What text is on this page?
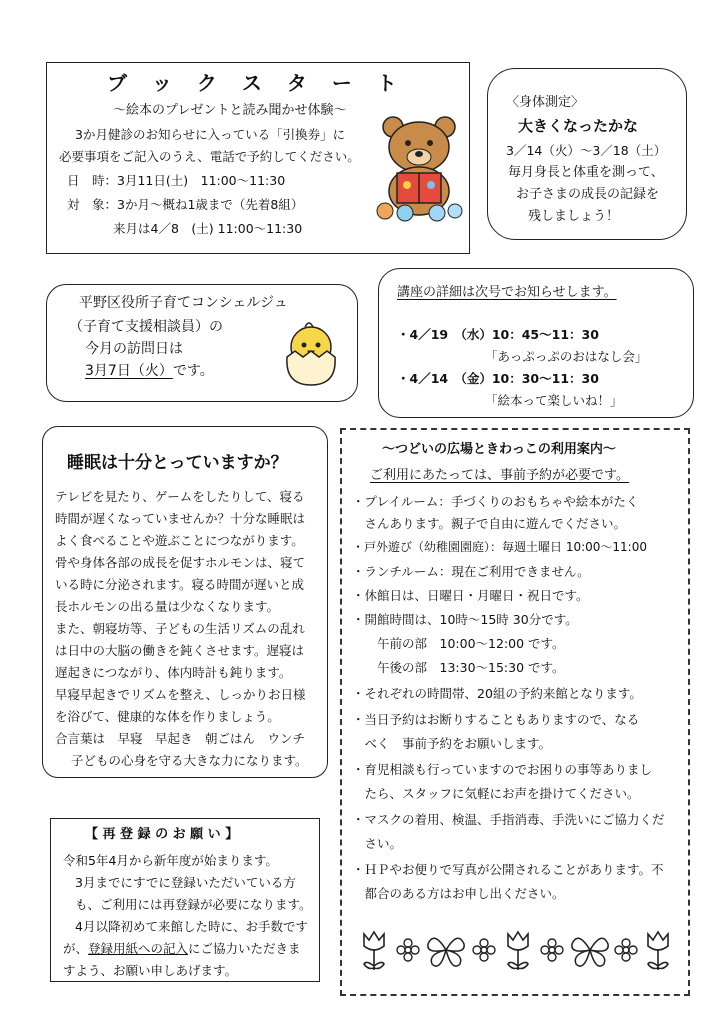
ブ ッ ク ス タ ー ト
～絵本のプレゼントと読み聞かせ体験～
3か月健診のお知らせに入っている「引換券」に
必要事項をご記入のうえ、電話で予約してください。
日　時：3月11日(土)　11:00～11:30
対　象：3か月～概ね1歳まで（先着8組）
来月は4／8　(土) 11:00～11:30
〈身体測定〉
大きくなったかな
3／14（火）～3／18（土）
毎月身長と体重を測って、
お子さまの成長の記録を
残しましょう！
平野区役所子育てコンシェルジュ
（子育て支援相談員）の
今月の訪問日は
3月7日（火）です。
講座の詳細は次号でお知らせします。
・4／19　（水）10：45～11：30
「あっぷっぷのおはなし会」
・4／14　（金）10：30～11：30
「絵本って楽しいね！」
睡眠は十分とっていますか？
テレビを見たり、ゲームをしたりして、寝る
時間が遅くなっていませんか？十分な睡眠は
よく食べることや遊ぶことにつながります。
骨や身体各部の成長を促すホルモンは、寝て
いる時に分泌されます。寝る時間が遅いと成
長ホルモンの出る量は少なくなります。
また、朝寝坊等、子どもの生活リズムの乱れ
は日中の大脳の働きを鈍くさせます。遅寝は
遅起きにつながり、体内時計も鈍ります。
早寝早起きでリズムを整え、しっかりお日様
を浴びて、健康的な体を作りましょう。
合言葉は　早寝　早起き　朝ごはん　ウンチ
子どもの心身を守る大きな力になります。
【 再 登 録 の お 願 い 】
令和5年4月から新年度が始まります。
3月までにすでに登録いただいている方
も、ご利用には再登録が必要になります。
4月以降初めて来館した時に、お手数です
が、登録用紙への記入にご協力いただきま
すよう、お願い申しあげます。
～つどいの広場ときわっこの利用案内～
ご利用にあたっては、事前予約が必要です。
・プレイルーム：手づくりのおもちゃや絵本がたく
　さんあります。親子で自由に遊んでください。
・戸外遊び（幼稚園園庭）：毎週土曜日 10:00～11:00
・ランチルーム：現在ご利用できません。
・休館日は、日曜日・月曜日・祝日です。
・開館時間は、10時～15時 30分です。
　　午前の部　10:00～12:00 です。
　　午後の部　13:30～15:30 です。
・それぞれの時間帯、20組の予約来館となります。
・当日予約はお断りすることもありますので、なる
　べく　事前予約をお願いします。
・育児相談も行っていますのでお困りの事等ありまし
　たら、スタッフに気軽にお声を掛けてください。
・マスクの着用、検温、手指消毒、手洗いにご協力くだ
　さい。
・ＨＰやお便りで写真が公開されることがあります。不
　都合のある方はお申し出ください。
